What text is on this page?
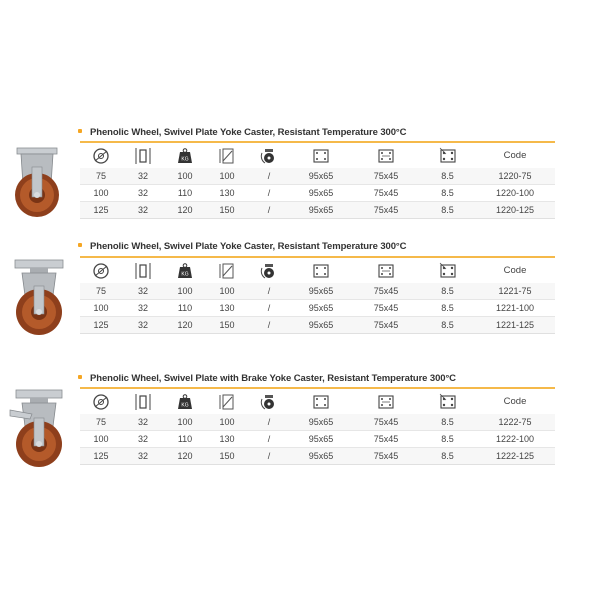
Phenolic Wheel, Swivel Plate Yoke Caster, Resistant Temperature 300°C

KG						Code
75	32	100	100	/	95x65	75x45	8.5	1220-75
100	32	110	130	/	95x65	75x45	8.5	1220-100
125	32	120	150	/	95x65	75x45	8.5	1220-125
Phenolic Wheel, Swivel Plate Yoke Caster, Resistant Temperature 300°C

KG						Code
75	32	100	100	/	95x65	75x45	8.5	1221-75
100	32	110	130	/	95x65	75x45	8.5	1221-100
125	32	120	150	/	95x65	75x45	8.5	1221-125
Phenolic Wheel, Swivel Plate with Brake Yoke Caster, Resistant Temperature 300°C

KG						Code
75	32	100	100	/	95x65	75x45	8.5	1222-75
100	32	110	130	/	95x65	75x45	8.5	1222-100
125	32	120	150	/	95x65	75x45	8.5	1222-125
